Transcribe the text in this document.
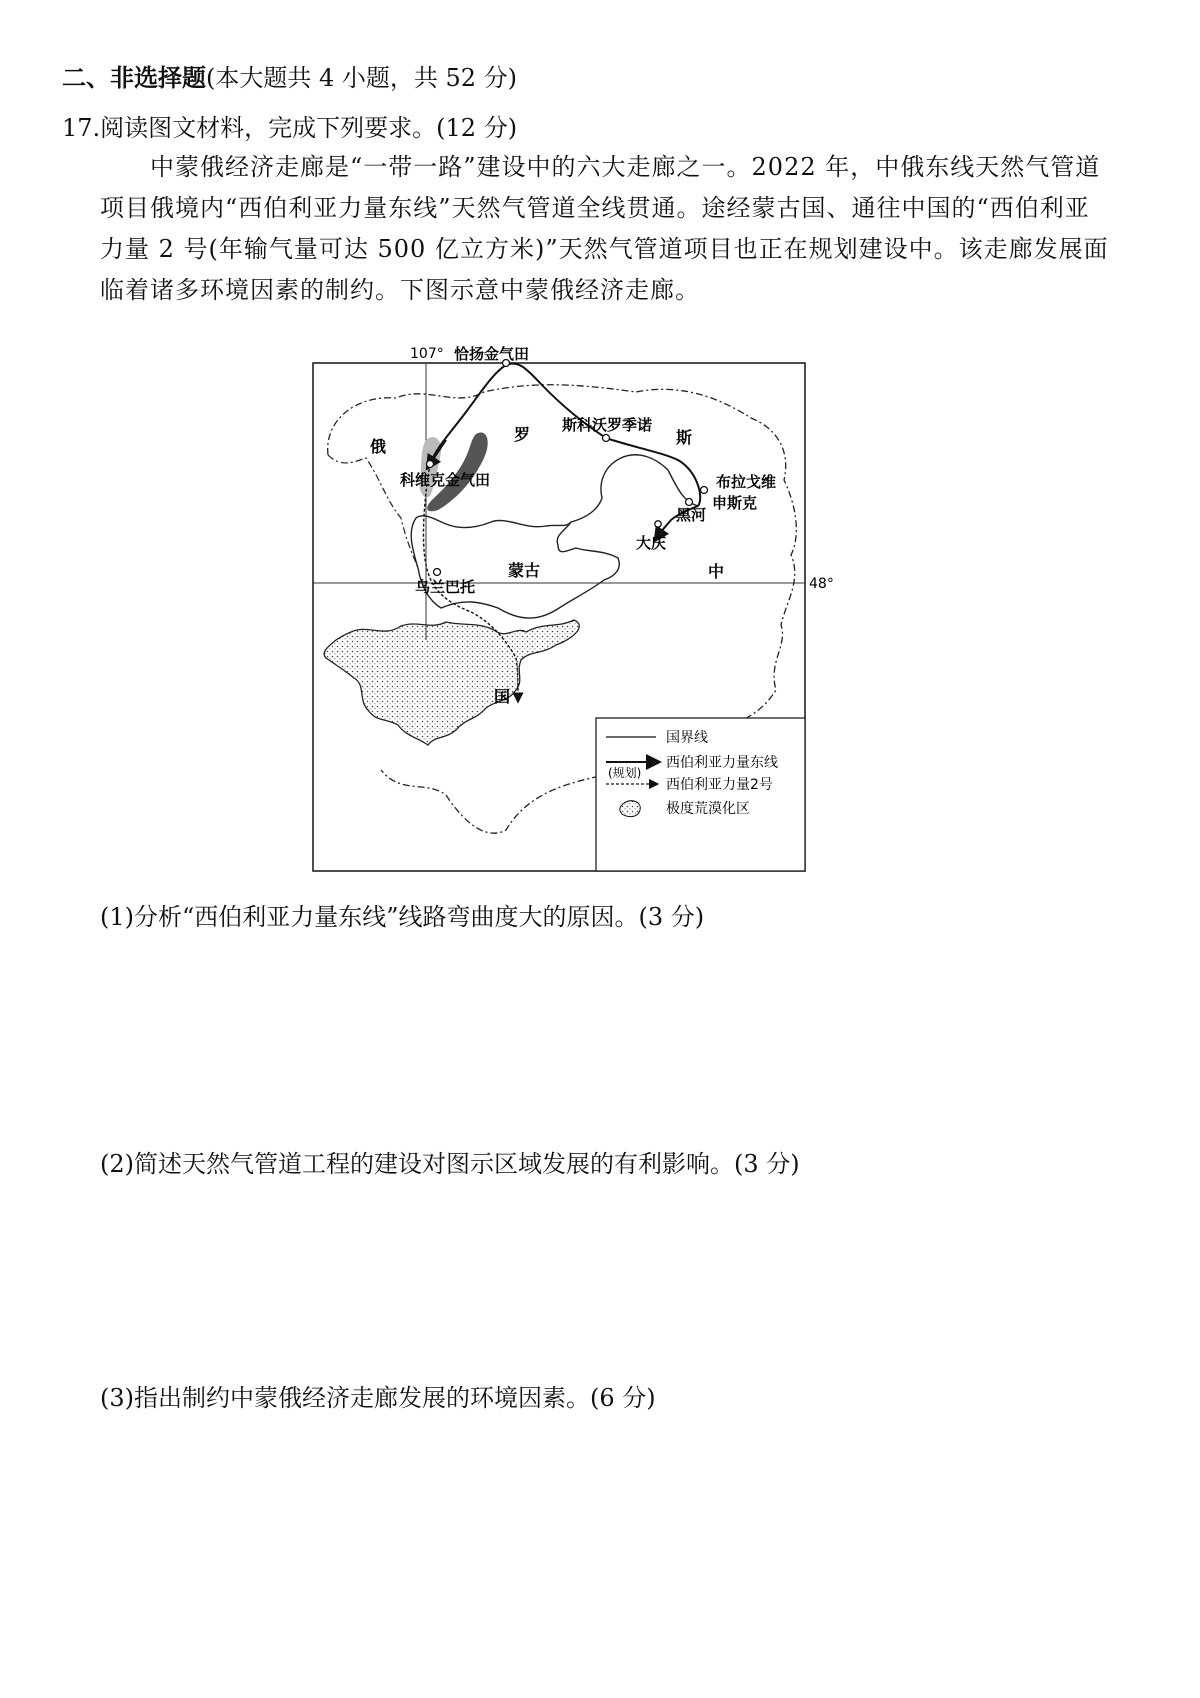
二、非选择题(本大题共 4 小题，共 52 分)
17.阅读图文材料，完成下列要求。(12 分)
中蒙俄经济走廊是“一带一路”建设中的六大走廊之一。2022 年，中俄东线天然气管道
项目俄境内“西伯利亚力量东线”天然气管道全线贯通。途经蒙古国、通往中国的“西伯利亚
力量 2 号(年输气量可达 500 亿立方米)”天然气管道项目也正在规划建设中。该走廊发展面
临着诸多环境因素的制约。下图示意中蒙俄经济走廊。
107°
48°
恰扬金气田
斯科沃罗季诺
科维克金气田	布拉戈维
申斯克
黑河
大庆
乌兰巴托
俄
罗	斯
蒙古	中
国
国界线
西伯利亚力量东线
(规划)
西伯利亚力量2号
极度荒漠化区
(1)分析“西伯利亚力量东线”线路弯曲度大的原因。(3 分)
(2)简述天然气管道工程的建设对图示区域发展的有利影响。(3 分)
(3)指出制约中蒙俄经济走廊发展的环境因素。(6 分)
